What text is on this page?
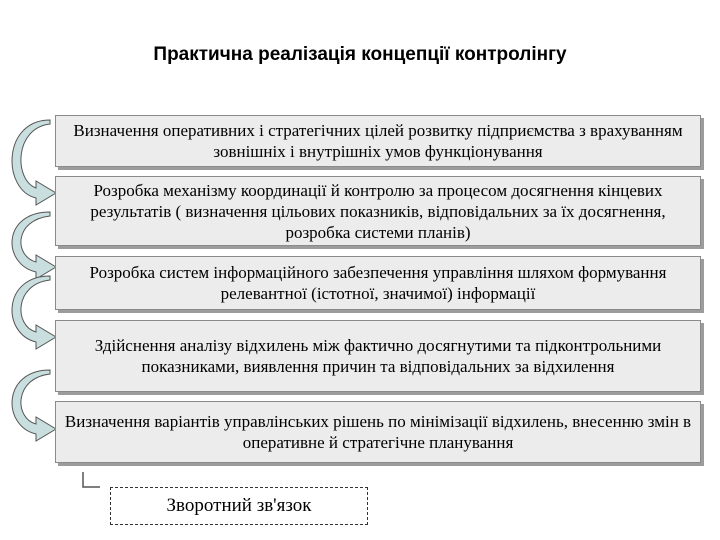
Практична реалізація концепції контролінгу
Визначення оперативних і стратегічних цілей розвитку підприємства з врахуванням зовнішніх і внутрішніх умов функціонування
Розробка механізму координації й контролю за процесом досягнення кінцевих результатів ( визначення цільових показників, відповідальних за їх досягнення, розробка системи планів)
Розробка систем інформаційного забезпечення управління шляхом формування релевантної (істотної, значимої) інформації
Здійснення аналізу відхилень між фактично досягнутими та підконтрольними показниками, виявлення причин та відповідальних за відхилення
Визначення варіантів управлінських рішень по мінімізації відхилень, внесенню змін в оперативне й стратегічне планування
Зворотний зв'язок
